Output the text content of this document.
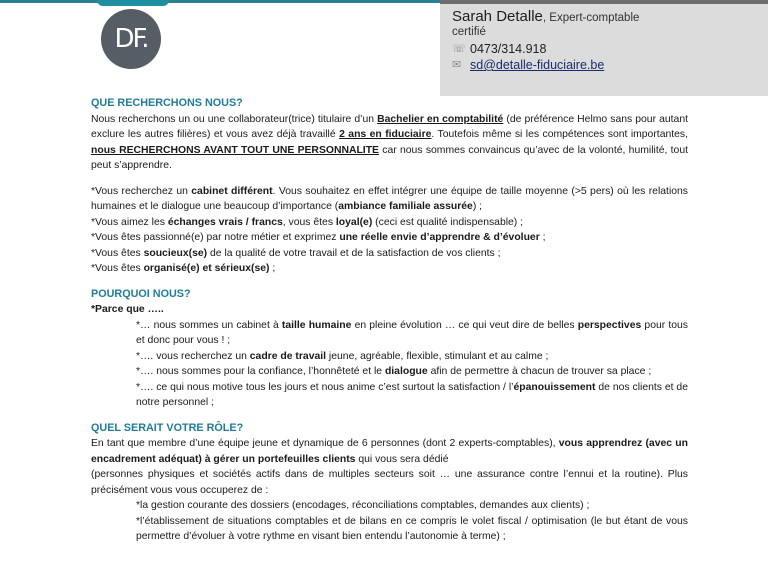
DF.
Sarah Detalle, Expert-comptable
certifié
☏ 0473/314.918
✉ sd@detalle-fiduciaire.be

QUE RECHERCHONS NOUS?

Nous recherchons un ou une collaborateur(trice) titulaire d’un Bachelier en comptabilité (de préférence Helmo sans pour autant exclure les autres filières) et vous avez déjà travaillé 2 ans en fiduciaire. Toutefois même si les compétences sont importantes, nous RECHERCHONS AVANT TOUT UNE PERSONNALITE car nous sommes convaincus qu’avec de la volonté, humilité, tout peut s’apprendre.

*Vous recherchez un cabinet différent. Vous souhaitez en effet intégrer une équipe de taille moyenne (>5 pers) où les relations humaines et le dialogue une beaucoup d’importance (ambiance familiale assurée) ;

*Vous aimez les échanges vrais / francs, vous êtes loyal(e) (ceci est qualité indispensable) ;

*Vous êtes passionné(e) par notre métier et exprimez une réelle envie d’apprendre & d’évoluer ;

*Vous êtes soucieux(se) de la qualité de votre travail et de la satisfaction de vos clients ;

*Vous êtes organisé(e) et sérieux(se) ;

POURQUOI NOUS?

*Parce que …..

*… nous sommes un cabinet à taille humaine en pleine évolution … ce qui veut dire de belles perspectives pour tous et donc pour vous ! ;

*…. vous recherchez un cadre de travail jeune, agréable, flexible, stimulant et au calme ;

*…. nous sommes pour la confiance, l’honnêteté et le dialogue afin de permettre à chacun de trouver sa place ;

*…. ce qui nous motive tous les jours et nous anime c’est surtout la satisfaction / l’épanouissement de nos clients et de notre personnel ;

QUEL SERAIT VOTRE RÔLE?

En tant que membre d’une équipe jeune et dynamique de 6 personnes (dont 2 experts-comptables), vous apprendrez (avec un encadrement adéquat) à gérer un portefeuilles clients qui vous sera dédié

(personnes physiques et sociétés actifs dans de multiples secteurs soit … une assurance contre l’ennui et la routine). Plus précisément vous vous occuperez de :

*la gestion courante des dossiers (encodages, réconciliations comptables, demandes aux clients) ;

*l’établissement de situations comptables et de bilans en ce compris le volet fiscal / optimisation (le but étant de vous permettre d’évoluer à votre rythme en visant bien entendu l’autonomie à terme) ;
